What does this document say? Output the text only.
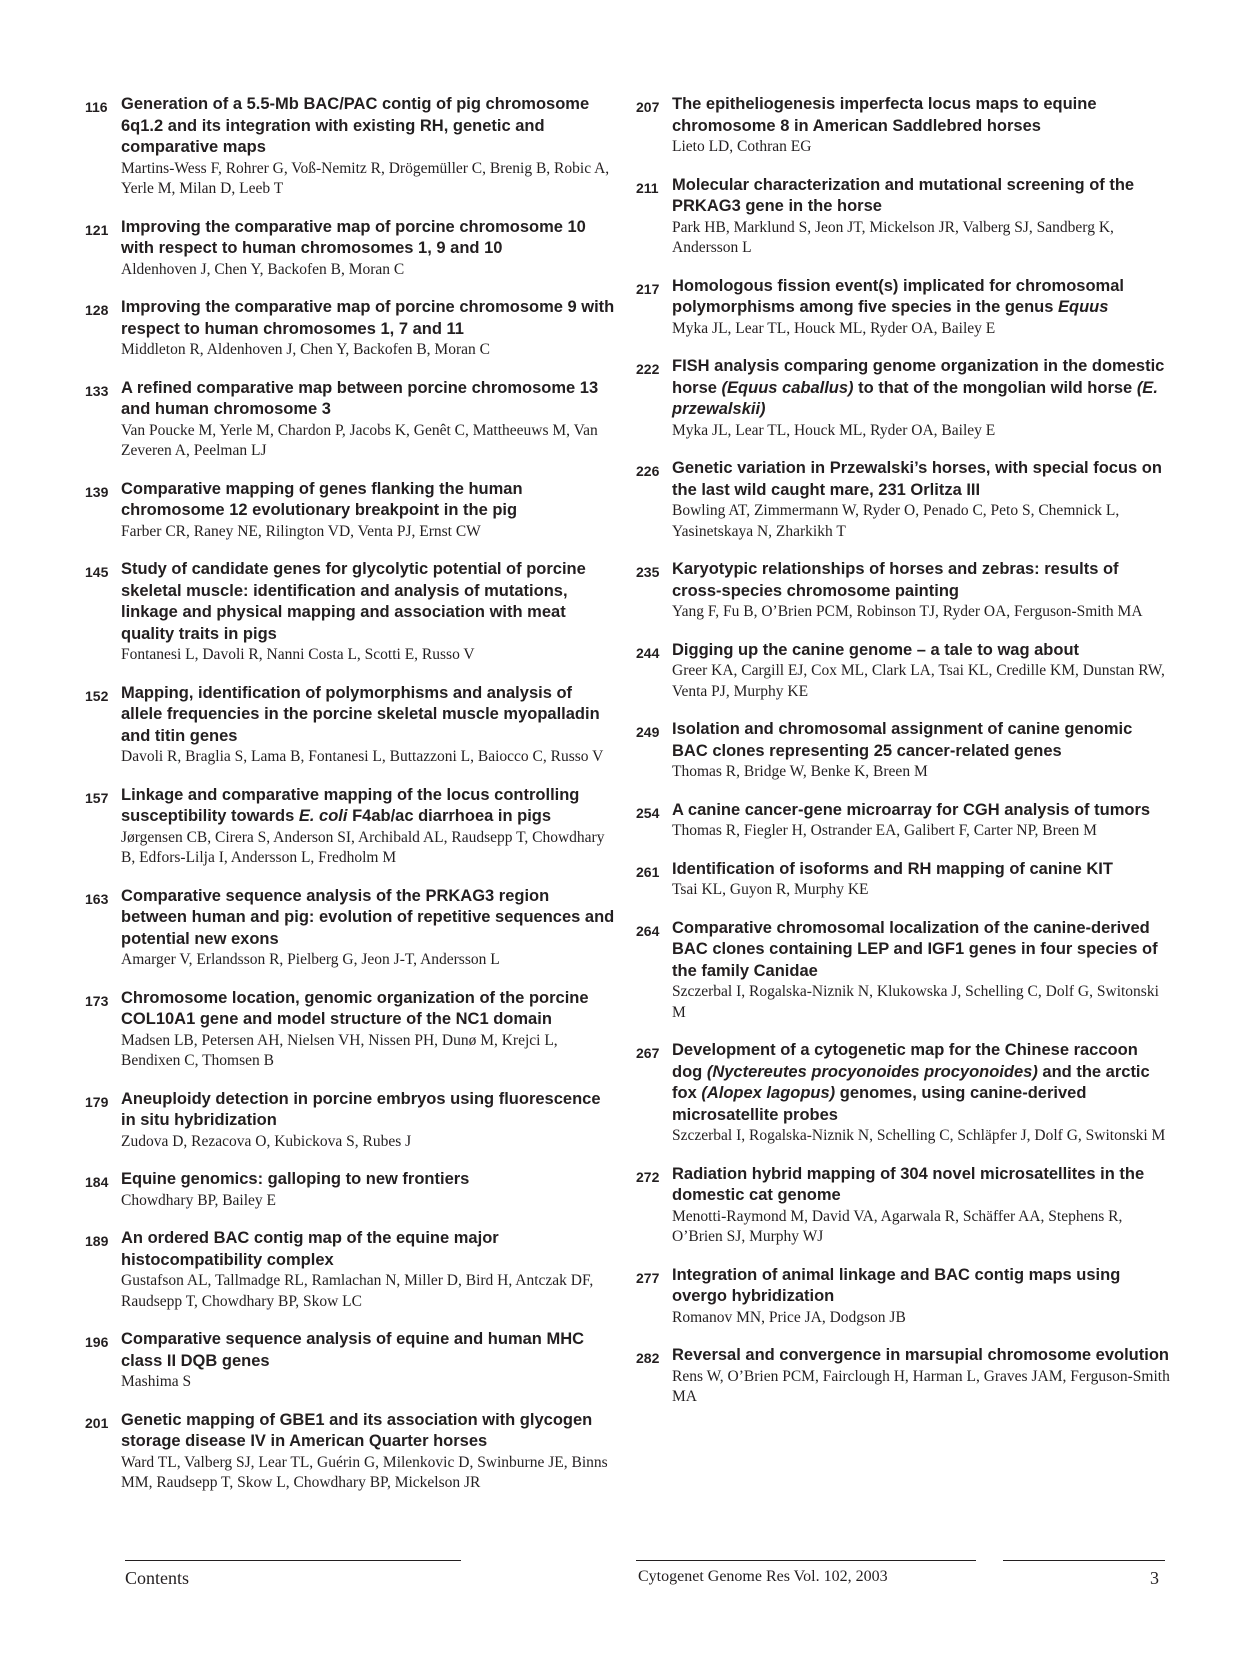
116 Generation of a 5.5-Mb BAC/PAC contig of pig chromosome 6q1.2 and its integration with existing RH, genetic and comparative maps
Martins-Wess F, Rohrer G, Voß-Nemitz R, Drögemüller C, Brenig B, Robic A, Yerle M, Milan D, Leeb T
121 Improving the comparative map of porcine chromosome 10 with respect to human chromosomes 1, 9 and 10
Aldenhoven J, Chen Y, Backofen B, Moran C
128 Improving the comparative map of porcine chromosome 9 with respect to human chromosomes 1, 7 and 11
Middleton R, Aldenhoven J, Chen Y, Backofen B, Moran C
133 A refined comparative map between porcine chromosome 13 and human chromosome 3
Van Poucke M, Yerle M, Chardon P, Jacobs K, Genêt C, Mattheeuws M, Van Zeveren A, Peelman LJ
139 Comparative mapping of genes flanking the human chromosome 12 evolutionary breakpoint in the pig
Farber CR, Raney NE, Rilington VD, Venta PJ, Ernst CW
145 Study of candidate genes for glycolytic potential of porcine skeletal muscle: identification and analysis of mutations, linkage and physical mapping and association with meat quality traits in pigs
Fontanesi L, Davoli R, Nanni Costa L, Scotti E, Russo V
152 Mapping, identification of polymorphisms and analysis of allele frequencies in the porcine skeletal muscle myopalladin and titin genes
Davoli R, Braglia S, Lama B, Fontanesi L, Buttazzoni L, Baiocco C, Russo V
157 Linkage and comparative mapping of the locus controlling susceptibility towards E. coli F4ab/ac diarrhoea in pigs
Jørgensen CB, Cirera S, Anderson SI, Archibald AL, Raudsepp T, Chowdhary B, Edfors-Lilja I, Andersson L, Fredholm M
163 Comparative sequence analysis of the PRKAG3 region between human and pig: evolution of repetitive sequences and potential new exons
Amarger V, Erlandsson R, Pielberg G, Jeon J-T, Andersson L
173 Chromosome location, genomic organization of the porcine COL10A1 gene and model structure of the NC1 domain
Madsen LB, Petersen AH, Nielsen VH, Nissen PH, Dunø M, Krejci L, Bendixen C, Thomsen B
179 Aneuploidy detection in porcine embryos using fluorescence in situ hybridization
Zudova D, Rezacova O, Kubickova S, Rubes J
184 Equine genomics: galloping to new frontiers
Chowdhary BP, Bailey E
189 An ordered BAC contig map of the equine major histocompatibility complex
Gustafson AL, Tallmadge RL, Ramlachan N, Miller D, Bird H, Antczak DF, Raudsepp T, Chowdhary BP, Skow LC
196 Comparative sequence analysis of equine and human MHC class II DQB genes
Mashima S
201 Genetic mapping of GBE1 and its association with glycogen storage disease IV in American Quarter horses
Ward TL, Valberg SJ, Lear TL, Guérin G, Milenkovic D, Swinburne JE, Binns MM, Raudsepp T, Skow L, Chowdhary BP, Mickelson JR
207 The epitheliogenesis imperfecta locus maps to equine chromosome 8 in American Saddlebred horses
Lieto LD, Cothran EG
211 Molecular characterization and mutational screening of the PRKAG3 gene in the horse
Park HB, Marklund S, Jeon JT, Mickelson JR, Valberg SJ, Sandberg K, Andersson L
217 Homologous fission event(s) implicated for chromosomal polymorphisms among five species in the genus Equus
Myka JL, Lear TL, Houck ML, Ryder OA, Bailey E
222 FISH analysis comparing genome organization in the domestic horse (Equus caballus) to that of the mongolian wild horse (E. przewalskii)
Myka JL, Lear TL, Houck ML, Ryder OA, Bailey E
226 Genetic variation in Przewalski’s horses, with special focus on the last wild caught mare, 231 Orlitza III
Bowling AT, Zimmermann W, Ryder O, Penado C, Peto S, Chemnick L, Yasinetskaya N, Zharkikh T
235 Karyotypic relationships of horses and zebras: results of cross-species chromosome painting
Yang F, Fu B, O’Brien PCM, Robinson TJ, Ryder OA, Ferguson-Smith MA
244 Digging up the canine genome – a tale to wag about
Greer KA, Cargill EJ, Cox ML, Clark LA, Tsai KL, Credille KM, Dunstan RW, Venta PJ, Murphy KE
249 Isolation and chromosomal assignment of canine genomic BAC clones representing 25 cancer-related genes
Thomas R, Bridge W, Benke K, Breen M
254 A canine cancer-gene microarray for CGH analysis of tumors
Thomas R, Fiegler H, Ostrander EA, Galibert F, Carter NP, Breen M
261 Identification of isoforms and RH mapping of canine KIT
Tsai KL, Guyon R, Murphy KE
264 Comparative chromosomal localization of the canine-derived BAC clones containing LEP and IGF1 genes in four species of the family Canidae
Szczerbal I, Rogalska-Niznik N, Klukowska J, Schelling C, Dolf G, Switonski M
267 Development of a cytogenetic map for the Chinese raccoon dog (Nyctereutes procyonoides procyonoides) and the arctic fox (Alopex lagopus) genomes, using canine-derived microsatellite probes
Szczerbal I, Rogalska-Niznik N, Schelling C, Schläpfer J, Dolf G, Switonski M
272 Radiation hybrid mapping of 304 novel microsatellites in the domestic cat genome
Menotti-Raymond M, David VA, Agarwala R, Schäffer AA, Stephens R, O’Brien SJ, Murphy WJ
277 Integration of animal linkage and BAC contig maps using overgo hybridization
Romanov MN, Price JA, Dodgson JB
282 Reversal and convergence in marsupial chromosome evolution
Rens W, O’Brien PCM, Fairclough H, Harman L, Graves JAM, Ferguson-Smith MA
Contents	Cytogenet Genome Res Vol. 102, 2003	3
